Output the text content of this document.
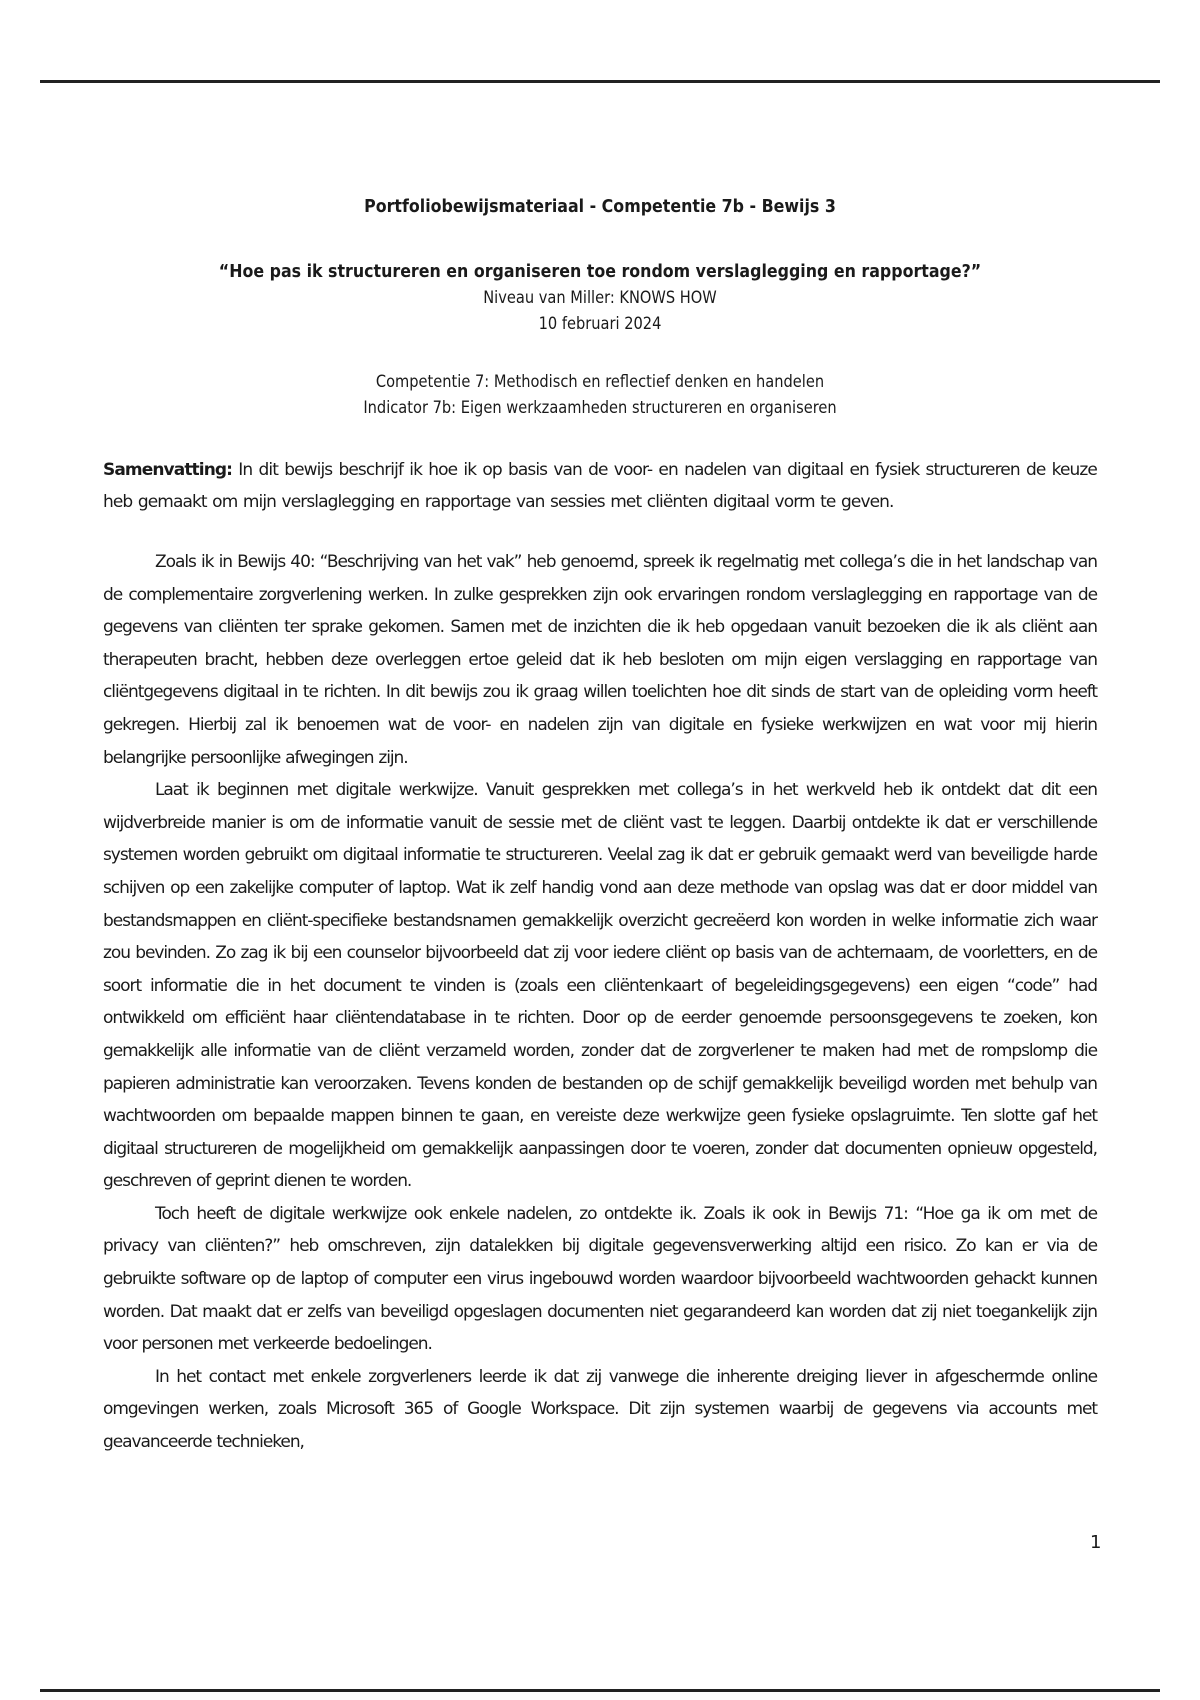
Portfoliobewijsmateriaal - Competentie 7b - Bewijs 3

“Hoe pas ik structureren en organiseren toe rondom verslaglegging en rapportage?”

Niveau van Miller: KNOWS HOW

10 februari 2024

Competentie 7: Methodisch en reflectief denken en handelen

Indicator 7b: Eigen werkzaamheden structureren en organiseren

Samenvatting: In dit bewijs beschrijf ik hoe ik op basis van de voor- en nadelen van digitaal en fysiek structureren de keuze heb gemaakt om mijn verslaglegging en rapportage van sessies met cliënten digitaal vorm te geven.

Zoals ik in Bewijs 40: “Beschrijving van het vak” heb genoemd, spreek ik regelmatig met collega’s die in het landschap van de complementaire zorgverlening werken. In zulke gesprekken zijn ook ervaringen rondom verslaglegging en rapportage van de gegevens van cliënten ter sprake gekomen. Samen met de inzichten die ik heb opgedaan vanuit bezoeken die ik als cliënt aan therapeuten bracht, hebben deze overleggen ertoe geleid dat ik heb besloten om mijn eigen verslagging en rapportage van cliëntgegevens digitaal in te richten. In dit bewijs zou ik graag willen toelichten hoe dit sinds de start van de opleiding vorm heeft gekregen. Hierbij zal ik benoemen wat de voor- en nadelen zijn van digitale en fysieke werkwijzen en wat voor mij hierin belangrijke persoonlijke afwegingen zijn.

Laat ik beginnen met digitale werkwijze. Vanuit gesprekken met collega’s in het werkveld heb ik ontdekt dat dit een wijdverbreide manier is om de informatie vanuit de sessie met de cliënt vast te leggen. Daarbij ontdekte ik dat er verschillende systemen worden gebruikt om digitaal informatie te structureren. Veelal zag ik dat er gebruik gemaakt werd van beveiligde harde schijven op een zakelijke computer of laptop. Wat ik zelf handig vond aan deze methode van opslag was dat er door middel van bestandsmappen en cliënt-specifieke bestandsnamen gemakkelijk overzicht gecreëerd kon worden in welke informatie zich waar zou bevinden. Zo zag ik bij een counselor bijvoorbeeld dat zij voor iedere cliënt op basis van de achternaam, de voorletters, en de soort informatie die in het document te vinden is (zoals een cliëntenkaart of begeleidingsgegevens) een eigen “code” had ontwikkeld om efficiënt haar cliëntendatabase in te richten. Door op de eerder genoemde persoonsgegevens te zoeken, kon gemakkelijk alle informatie van de cliënt verzameld worden, zonder dat de zorgverlener te maken had met de rompslomp die papieren administratie kan veroorzaken. Tevens konden de bestanden op de schijf gemakkelijk beveiligd worden met behulp van wachtwoorden om bepaalde mappen binnen te gaan, en vereiste deze werkwijze geen fysieke opslagruimte. Ten slotte gaf het digitaal structureren de mogelijkheid om gemakkelijk aanpassingen door te voeren, zonder dat documenten opnieuw opgesteld, geschreven of geprint dienen te worden.

Toch heeft de digitale werkwijze ook enkele nadelen, zo ontdekte ik. Zoals ik ook in Bewijs 71: “Hoe ga ik om met de privacy van cliënten?” heb omschreven, zijn datalekken bij digitale gegevensverwerking altijd een risico. Zo kan er via de gebruikte software op de laptop of computer een virus ingebouwd worden waardoor bijvoorbeeld wachtwoorden gehackt kunnen worden. Dat maakt dat er zelfs van beveiligd opgeslagen documenten niet gegarandeerd kan worden dat zij niet toegankelijk zijn voor personen met verkeerde bedoelingen.

In het contact met enkele zorgverleners leerde ik dat zij vanwege die inherente dreiging liever in afgeschermde online omgevingen werken, zoals Microsoft 365 of Google Workspace. Dit zijn systemen waarbij de gegevens via accounts met geavanceerde technieken,

1
